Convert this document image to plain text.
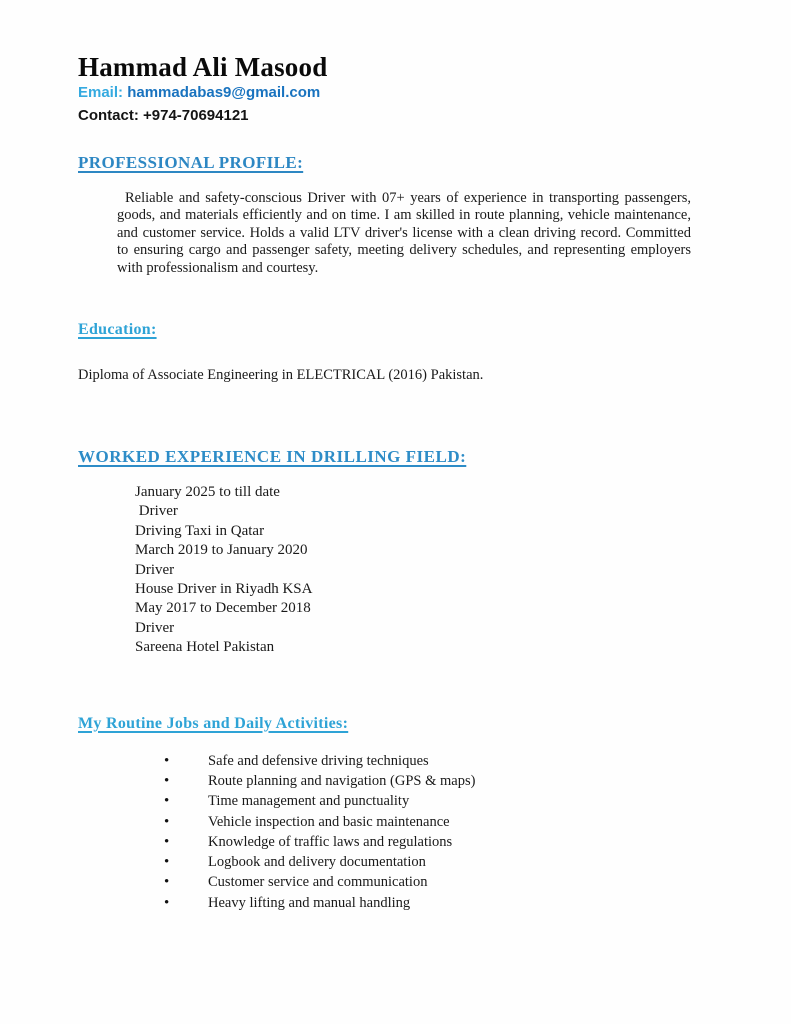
Hammad Ali Masood
Email: hammadabas9@gmail.com
Contact: +974-70694121
PROFESSIONAL PROFILE:
Reliable and safety-conscious Driver with 07+ years of experience in transporting passengers, goods, and materials efficiently and on time. I am skilled in route planning, vehicle maintenance, and customer service. Holds a valid LTV driver's license with a clean driving record. Committed to ensuring cargo and passenger safety, meeting delivery schedules, and representing employers with professionalism and courtesy.
Education:
Diploma of Associate Engineering in ELECTRICAL (2016) Pakistan.
WORKED EXPERIENCE IN DRILLING FIELD:
January 2025 to till date
Driver
Driving Taxi in Qatar
March 2019 to January 2020
Driver
House Driver in Riyadh KSA
May 2017 to December 2018
Driver
Sareena Hotel Pakistan
My Routine Jobs and Daily Activities:
•	Safe and defensive driving techniques
•	Route planning and navigation (GPS & maps)
•	Time management and punctuality
•	Vehicle inspection and basic maintenance
•	Knowledge of traffic laws and regulations
•	Logbook and delivery documentation
•	Customer service and communication
•	Heavy lifting and manual handling
